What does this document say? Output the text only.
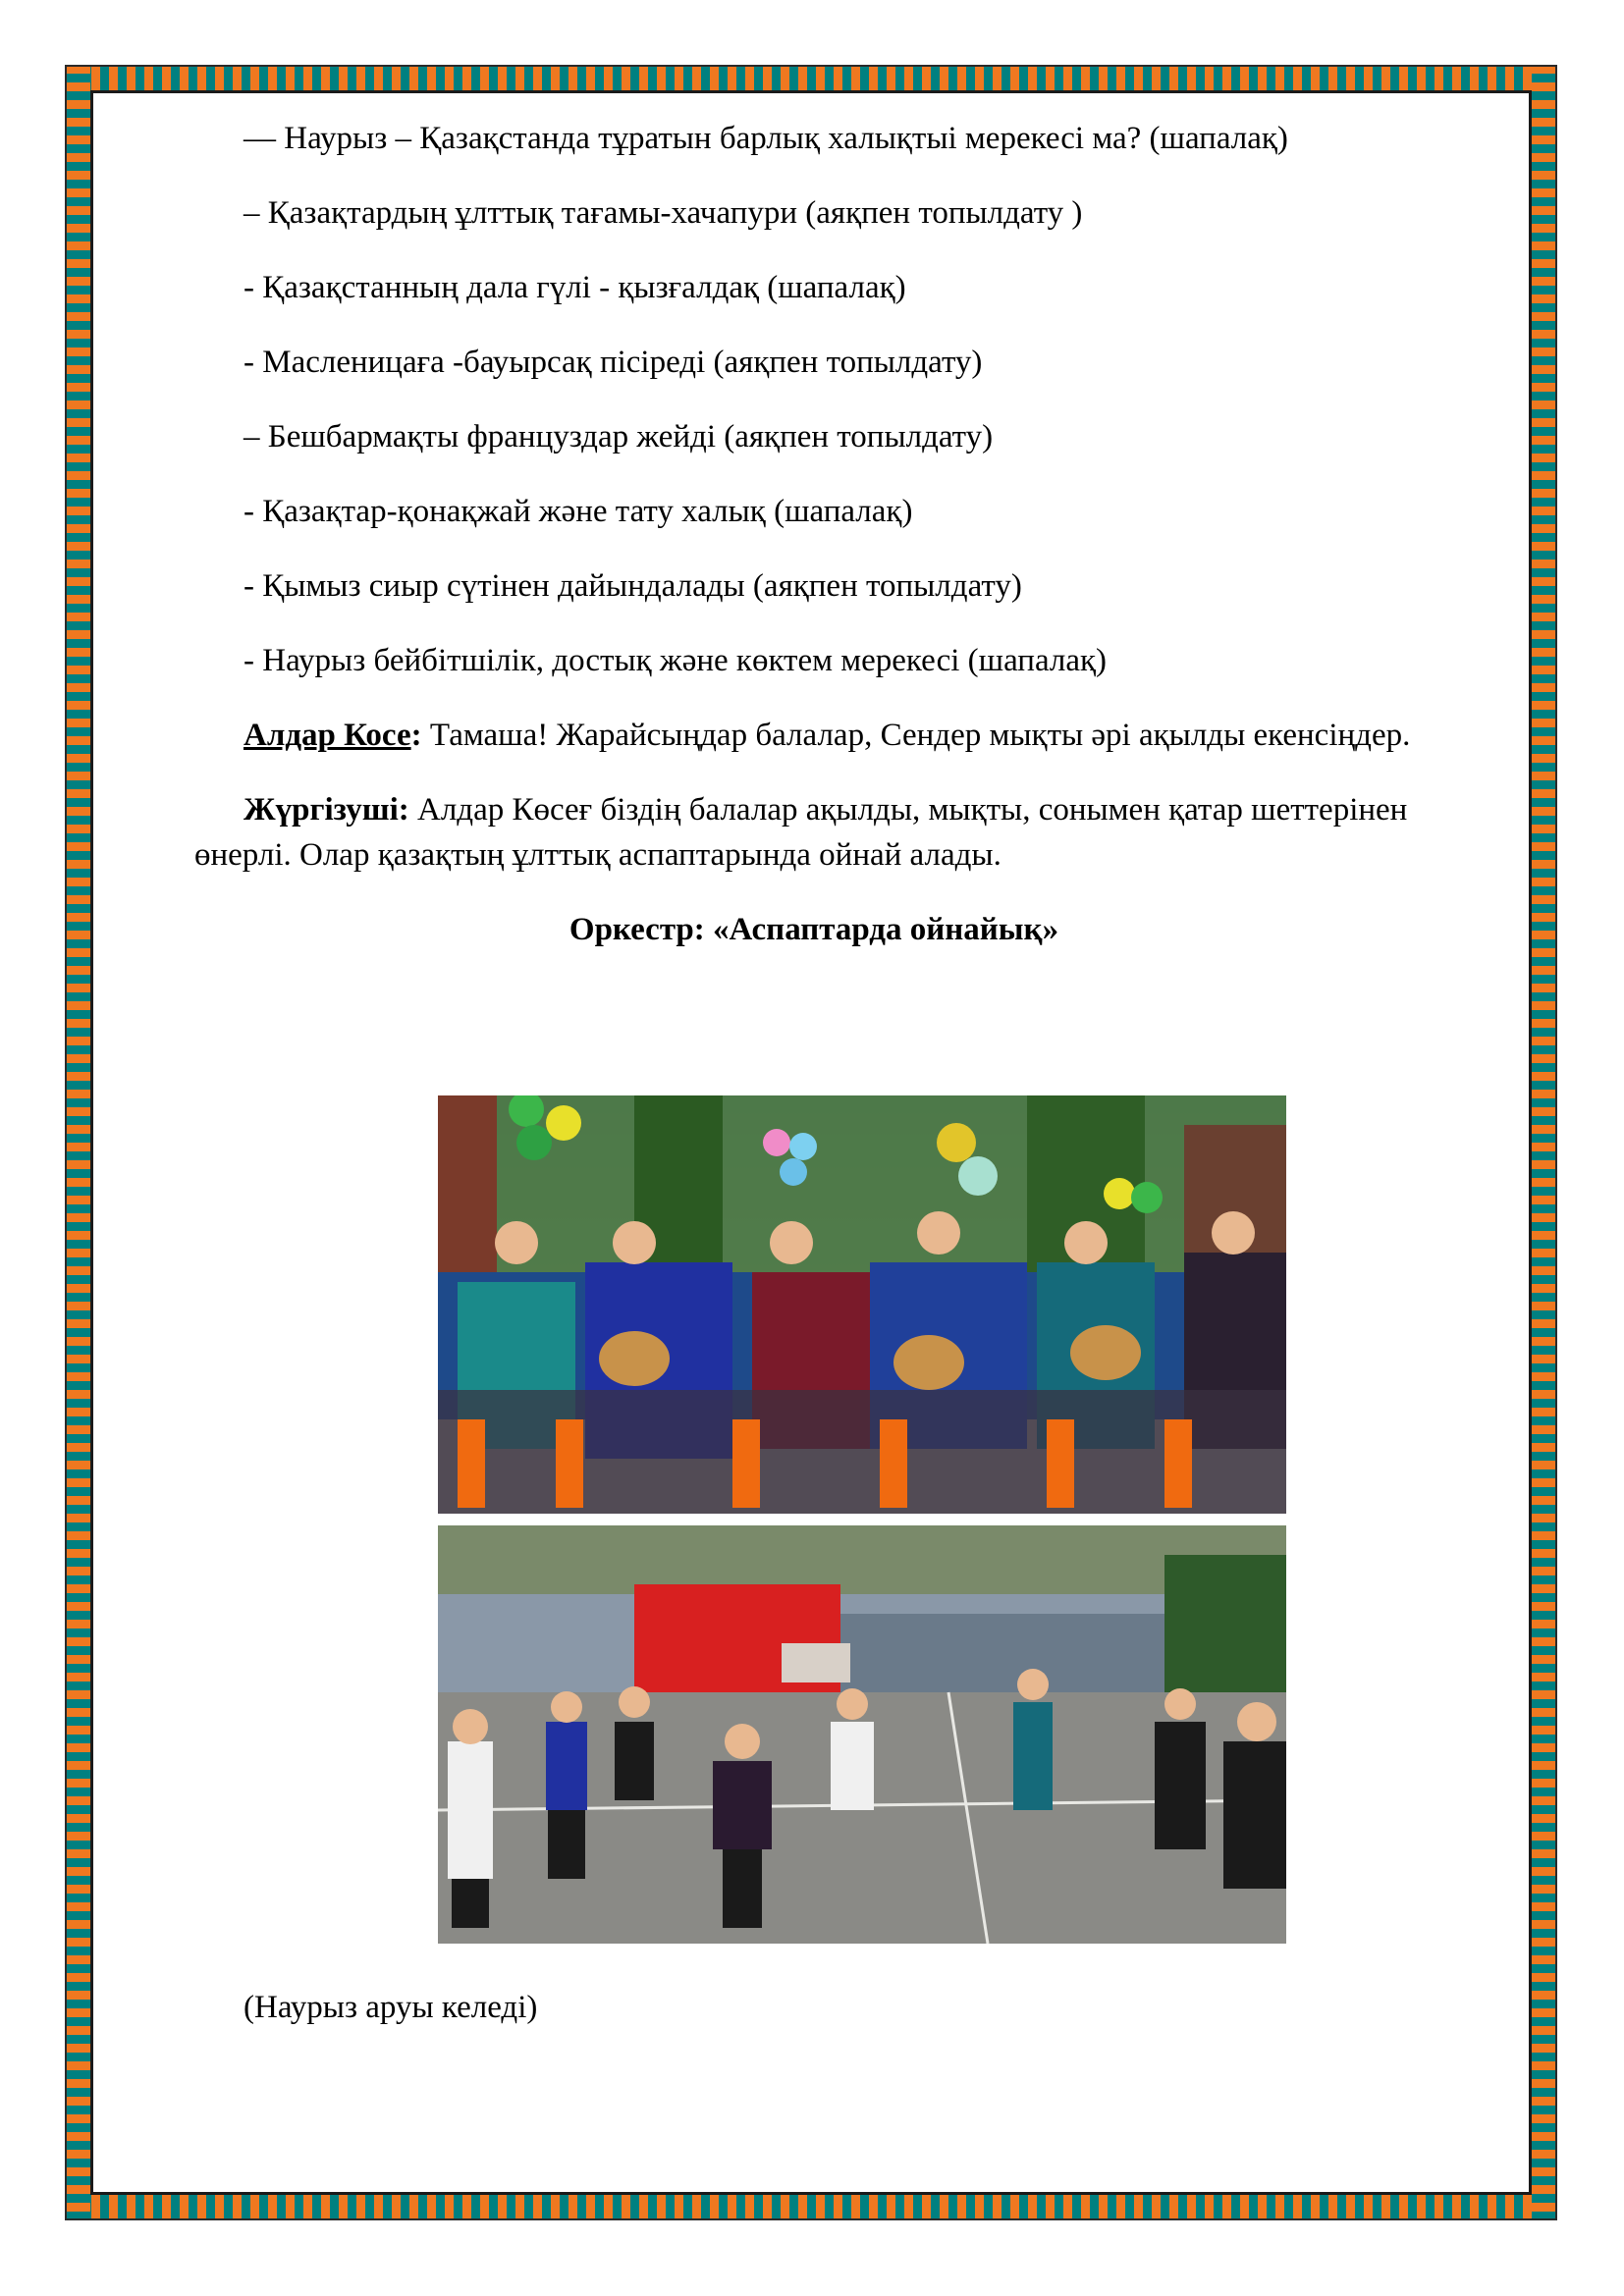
— Наурыз – Қазақстанда тұратын барлық халықтыі мерекесі ма? (шапалақ)

– Қазақтардың ұлттық тағамы-хачапури (аяқпен топылдату )

- Қазақстанның дала гүлі - қызғалдақ (шапалақ)

- Масленицаға -бауырсақ пісіреді (аяқпен топылдату)

– Бешбармақты француздар жейді (аяқпен топылдату)

- Қазақтар-қонақжай және тату халық (шапалақ)

- Қымыз сиыр сүтінен дайындалады (аяқпен топылдату)

- Наурыз бейбітшілік, достық және көктем мерекесі (шапалақ)

Алдар Косе: Тамаша! Жарайсыңдар балалар, Сендер мықты әрі ақылды екенсіңдер.

Жүргізуші: Алдар Көсеғ біздің балалар ақылды, мықты, сонымен қатар шеттерінен өнерлі. Олар қазақтың ұлттық аспаптарында ойнай алады.

Оркестр: «Аспаптарда ойнайық»

(Наурыз аруы келеді)
